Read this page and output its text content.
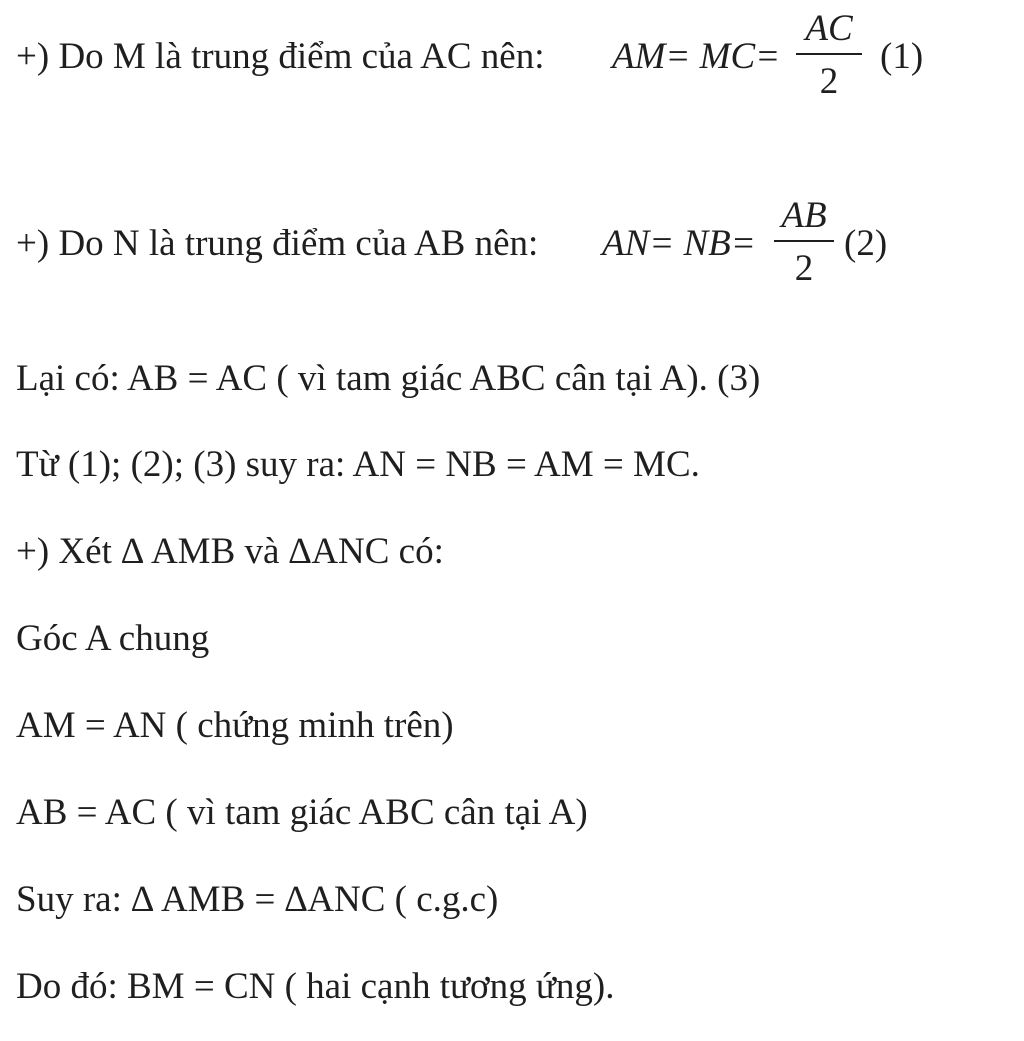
+) Do M là trung điểm của AC nên: AM= MC=
AC
2
(1)
+) Do N là trung điểm của AB nên: AN= NB=
AB
2
(2)
Lại có: AB = AC ( vì tam giác ABC cân tại A). (3)
Từ (1); (2); (3) suy ra: AN = NB = AM = MC.
+) Xét ∆ AMB và ∆ANC có:
Góc A chung
AM = AN ( chứng minh trên)
AB = AC ( vì tam giác ABC cân tại A)
Suy ra: ∆ AMB = ∆ANC ( c.g.c)
Do đó: BM = CN ( hai cạnh tương ứng).
